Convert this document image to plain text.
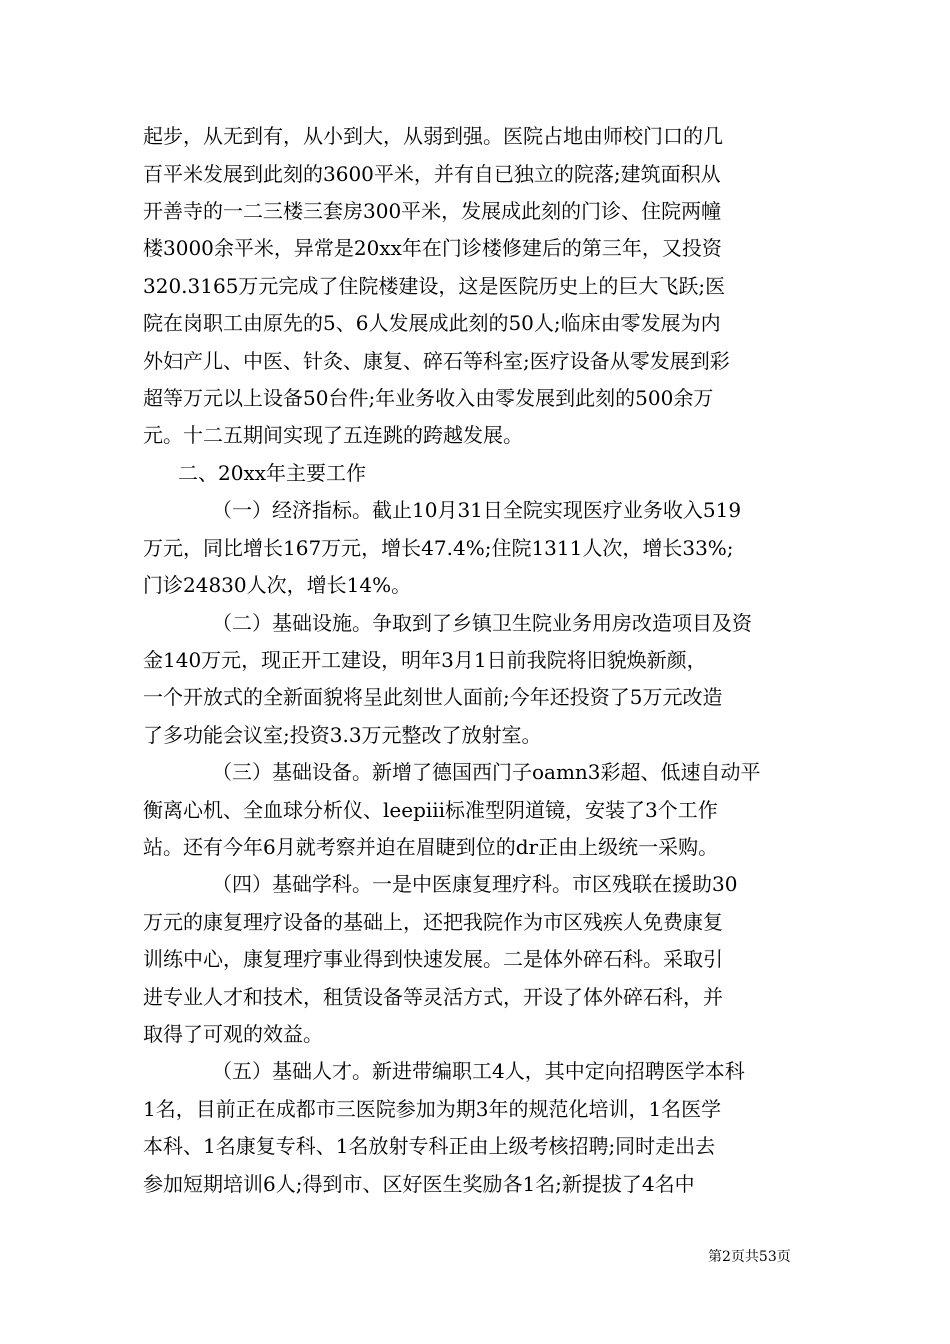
起步，从无到有，从小到大，从弱到强。医院占地由师校门口的几

百平米发展到此刻的3600平米，并有自已独立的院落;建筑面积从

开善寺的一二三楼三套房300平米，发展成此刻的门诊、住院两幢

楼3000余平米，异常是20xx年在门诊楼修建后的第三年，又投资

320.3165万元完成了住院楼建设，这是医院历史上的巨大飞跃;医

院在岗职工由原先的5、6人发展成此刻的50人;临床由零发展为内

外妇产儿、中医、针灸、康复、碎石等科室;医疗设备从零发展到彩

超等万元以上设备50台件;年业务收入由零发展到此刻的500余万

元。十二五期间实现了五连跳的跨越发展。

二、20xx年主要工作

（一）经济指标。截止10月31日全院实现医疗业务收入519

万元，同比增长167万元，增长47.4%;住院1311人次，增长33%;

门诊24830人次，增长14%。

（二）基础设施。争取到了乡镇卫生院业务用房改造项目及资

金140万元，现正开工建设，明年3月1日前我院将旧貌焕新颜，

一个开放式的全新面貌将呈此刻世人面前;今年还投资了5万元改造

了多功能会议室;投资3.3万元整改了放射室。

（三）基础设备。新增了德国西门子oamn3彩超、低速自动平

衡离心机、全血球分析仪、leepiii标准型阴道镜，安装了3个工作

站。还有今年6月就考察并迫在眉睫到位的dr正由上级统一采购。

（四）基础学科。一是中医康复理疗科。市区残联在援助30

万元的康复理疗设备的基础上，还把我院作为市区残疾人免费康复

训练中心，康复理疗事业得到快速发展。二是体外碎石科。采取引

进专业人才和技术，租赁设备等灵活方式，开设了体外碎石科，并

取得了可观的效益。

（五）基础人才。新进带编职工4人，其中定向招聘医学本科

1名，目前正在成都市三医院参加为期3年的规范化培训，1名医学

本科、1名康复专科、1名放射专科正由上级考核招聘;同时走出去

参加短期培训6人;得到市、区好医生奖励各1名;新提拔了4名中

第2页共53页
